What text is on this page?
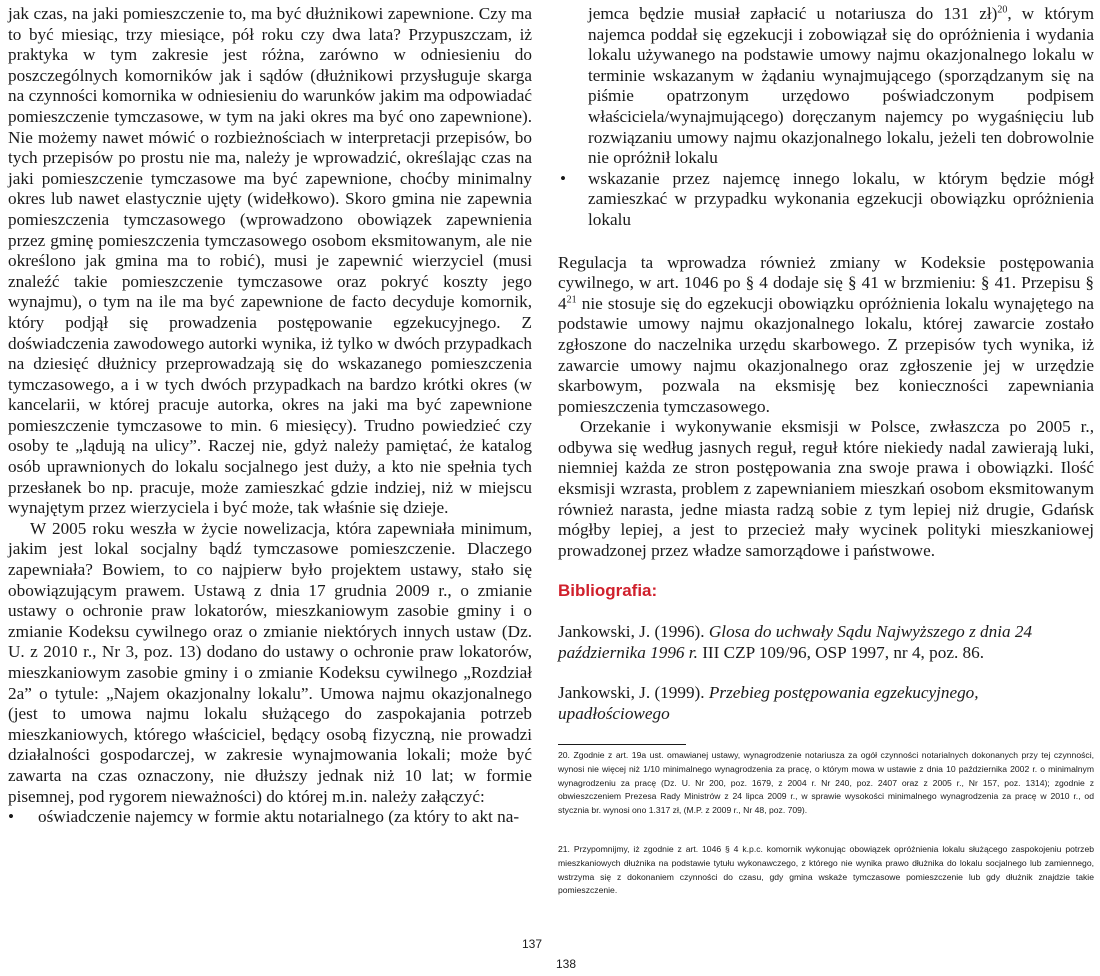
jak czas, na jaki pomieszczenie to, ma być dłużnikowi zapewnione. Czy ma to być miesiąc, trzy miesiące, pół roku czy dwa lata? Przypuszczam, iż praktyka w tym zakresie jest różna, zarówno w odniesieniu do poszczególnych komorników jak i sądów (dłużnikowi przysługuje skarga na czynności komornika w odniesieniu do warunków jakim ma odpowiadać pomieszczenie tymczasowe, w tym na jaki okres ma być ono zapewnione). Nie możemy nawet mówić o rozbieżnościach w interpretacji przepisów, bo tych przepisów po prostu nie ma, należy je wprowadzić, określając czas na jaki pomieszczenie tymczasowe ma być zapewnione, choćby minimalny okres lub nawet elastycznie ujęty (widełkowo). Skoro gmina nie zapewnia pomieszczenia tymczasowego (wprowadzono obowiązek zapewnienia przez gminę pomieszczenia tymczasowego osobom eksmitowanym, ale nie określono jak gmina ma to robić), musi je zapewnić wierzyciel (musi znaleźć takie pomieszczenie tymczasowe oraz pokryć koszty jego wynajmu), o tym na ile ma być zapewnione de facto decyduje komornik, który podjął się prowadzenia postępowanie egzekucyjnego. Z doświadczenia zawodowego autorki wynika, iż tylko w dwóch przypadkach na dziesięć dłużnicy przeprowadzają się do wskazanego pomieszczenia tymczasowego, a i w tych dwóch przypadkach na bardzo krótki okres (w kancelarii, w której pracuje autorka, okres na jaki ma być zapewnione pomieszczenie tymczasowe to min. 6 miesięcy). Trudno powiedzieć czy osoby te „lądują na ulicy”. Raczej nie, gdyż należy pamiętać, że katalog osób uprawnionych do lokalu socjalnego jest duży, a kto nie spełnia tych przesłanek bo np. pracuje, może zamieszkać gdzie indziej, niż w miejscu wynajętym przez wierzyciela i być może, tak właśnie się dzieje.

W 2005 roku weszła w życie nowelizacja, która zapewniała minimum, jakim jest lokal socjalny bądź tymczasowe pomieszczenie. Dlaczego zapewniała? Bowiem, to co najpierw było projektem ustawy, stało się obowiązującym prawem. Ustawą z dnia 17 grudnia 2009 r., o zmianie ustawy o ochronie praw lokatorów, mieszkaniowym zasobie gminy i o zmianie Kodeksu cywilnego oraz o zmianie niektórych innych ustaw (Dz. U. z 2010 r., Nr 3, poz. 13) dodano do ustawy o ochronie praw lokatorów, mieszkaniowym zasobie gminy i o zmianie Kodeksu cywilnego „Rozdział 2a” o tytule: „Najem okazjonalny lokalu”. Umowa najmu okazjonalnego (jest to umowa najmu lokalu służącego do zaspokajania potrzeb mieszkaniowych, którego właściciel, będący osobą fizyczną, nie prowadzi działalności gospodarczej, w zakresie wynajmowania lokali; może być zawarta na czas oznaczony, nie dłuższy jednak niż 10 lat; w formie pisemnej, pod rygorem nieważności) do której m.in. należy załączyć:

• oświadczenie najemcy w formie aktu notarialnego (za który to akt na-

jemca będzie musiał zapłacić u notariusza do 131 zł)$^{20}$, w którym najemca poddał się egzekucji i zobowiązał się do opróżnienia i wydania lokalu używanego na podstawie umowy najmu okazjonalnego lokalu w terminie wskazanym w żądaniu wynajmującego (sporządzanym się na piśmie opatrzonym urzędowo poświadczonym podpisem właściciela/wynajmującego) doręczanym najemcy po wygaśnięciu lub rozwiązaniu umowy najmu okazjonalnego lokalu, jeżeli ten dobrowolnie nie opróżnił lokalu

• wskazanie przez najemcę innego lokalu, w którym będzie mógł zamieszkać w przypadku wykonania egzekucji obowiązku opróżnienia lokalu

Regulacja ta wprowadza również zmiany w Kodeksie postępowania cywilnego, w art. 1046 po § 4 dodaje się § 41 w brzmieniu: § 41. Przepisu § $4^{21}$ nie stosuje się do egzekucji obowiązku opróżnienia lokalu wynajętego na podstawie umowy najmu okazjonalnego lokalu, której zawarcie zostało zgłoszone do naczelnika urzędu skarbowego. Z przepisów tych wynika, iż zawarcie umowy najmu okazjonalnego oraz zgłoszenie jej w urzędzie skarbowym, pozwala na eksmisję bez konieczności zapewniania pomieszczenia tymczasowego.

Orzekanie i wykonywanie eksmisji w Polsce, zwłaszcza po 2005 r., odbywa się według jasnych reguł, reguł które niekiedy nadal zawierają luki, niemniej każda ze stron postępowania zna swoje prawa i obowiązki. Ilość eksmisji wzrasta, problem z zapewnianiem mieszkań osobom eksmitowanym również narasta, jedne miasta radzą sobie z tym lepiej niż drugie, Gdańsk mógłby lepiej, a jest to przecież mały wycinek polityki mieszkaniowej prowadzonej przez władze samorządowe i państwowe.

Bibliografia:

Jankowski, J. (1996). Glosa do uchwały Sądu Najwyższego z dnia 24 października 1996 r. III CZP 109/96, OSP 1997, nr 4, poz. 86.

Jankowski, J. (1999). Przebieg postępowania egzekucyjnego, upadłościowego

20. Zgodnie z art. 19a ust. omawianej ustawy, wynagrodzenie notariusza za ogół czynności notarialnych dokonanych przy tej czynności, wynosi nie więcej niż 1/10 minimalnego wynagrodzenia za pracę, o którym mowa w ustawie z dnia 10 października 2002 r. o minimalnym wynagrodzeniu za pracę (Dz. U. Nr 200, poz. 1679, z 2004 r. Nr 240, poz. 2407 oraz z 2005 r., Nr 157, poz. 1314); zgodnie z obwieszczeniem Prezesa Rady Ministrów z 24 lipca 2009 r., w sprawie wysokości minimalnego wynagrodzenia za pracę w 2010 r., od stycznia br. wynosi ono 1.317 zł, (M.P. z 2009 r., Nr 48, poz. 709).

21. Przypomnijmy, iż zgodnie z art. 1046 § 4 k.p.c. komornik wykonując obowiązek opróżnienia lokalu służącego zaspokojeniu potrzeb mieszkaniowych dłużnika na podstawie tytułu wykonawczego, z którego nie wynika prawo dłużnika do lokalu socjalnego lub zamiennego, wstrzyma się z dokonaniem czynności do czasu, gdy gmina wskaże tymczasowe pomieszczenie lub gdy dłużnik znajdzie takie pomieszczenie.

137
138
